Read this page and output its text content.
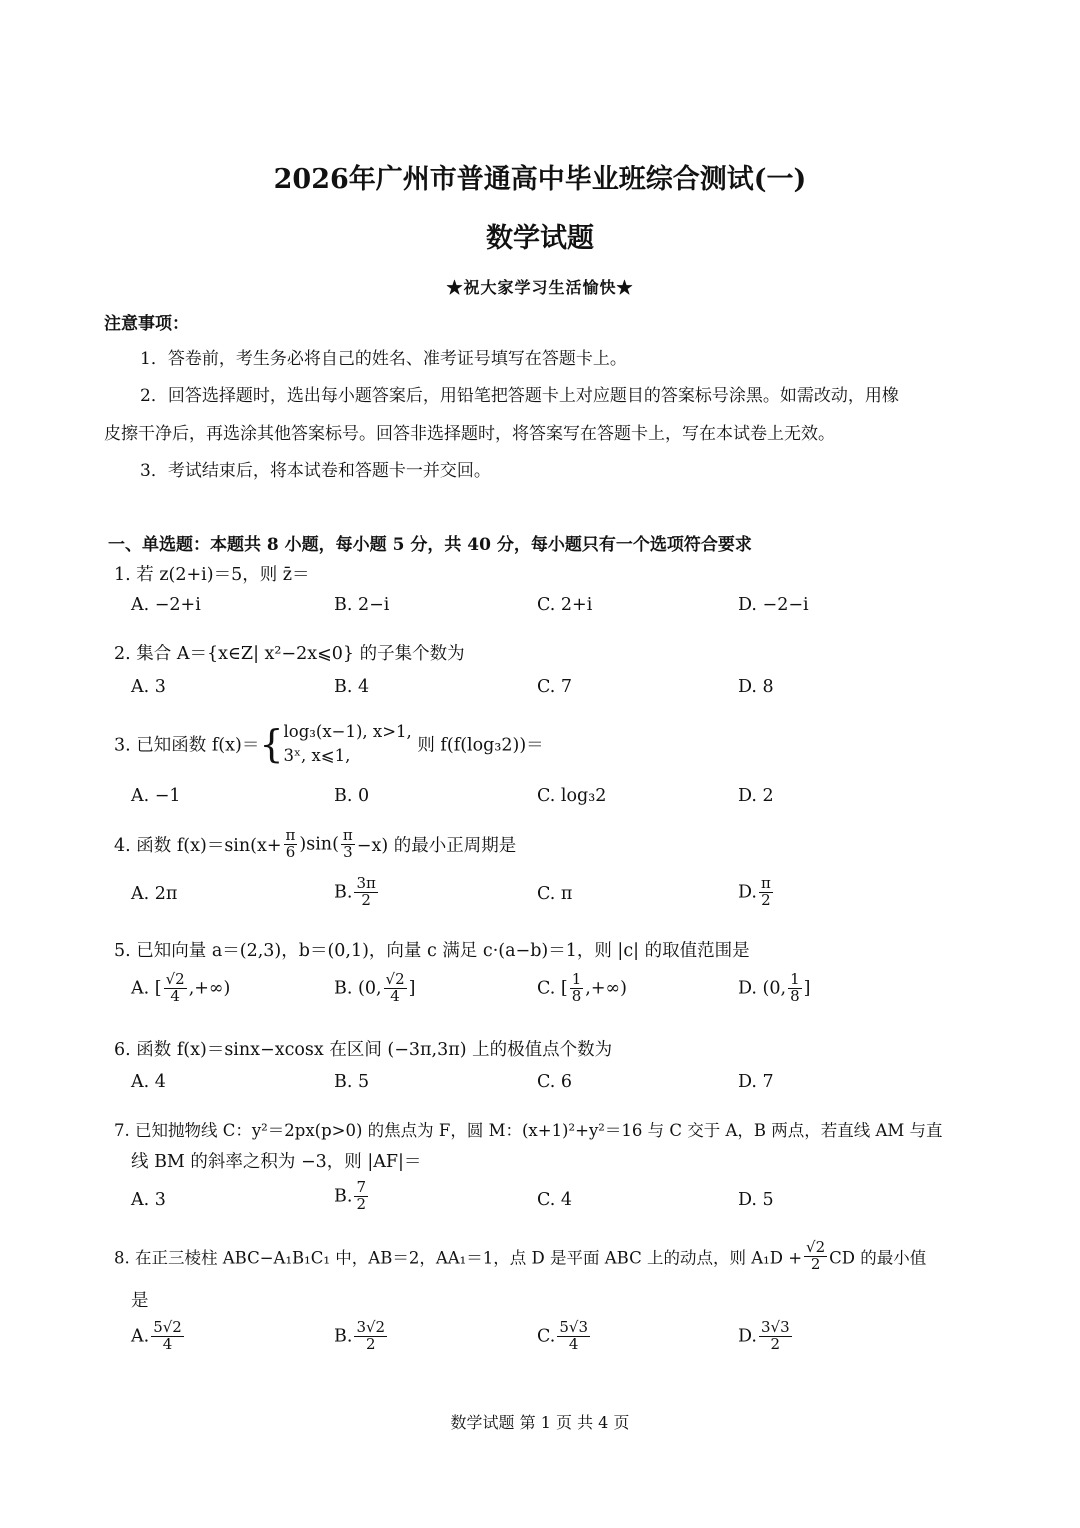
2026年广州市普通高中毕业班综合测试(一)
数学试题
★祝大家学习生活愉快★
注意事项：
1．答卷前，考生务必将自己的姓名、准考证号填写在答题卡上。
2．回答选择题时，选出每小题答案后，用铅笔把答题卡上对应题目的答案标号涂黑。如需改动，用橡
皮擦干净后，再选涂其他答案标号。回答非选择题时，将答案写在答题卡上，写在本试卷上无效。
3．考试结束后，将本试卷和答题卡一并交回。
一、单选题：本题共 8 小题，每小题 5 分，共 40 分，每小题只有一个选项符合要求
1. 若 z(2+i)＝5，则 z̄＝
A. −2+i	B. 2−i	C. 2+i	D. −2−i
2. 集合 A＝{x∈Z| x²−2x⩽0} 的子集个数为
A. 3	B. 4	C. 7	D. 8
3. 已知函数 f(x)＝{ log₃(x−1), x>1,
3ˣ, x⩽1,	则 f(f(log₃2))＝
A. −1	B. 0	C. log₃2	D. 2
4. 函数 $f(x)=\sin(x+ \frac{\pi}{6} )\sin( \frac{\pi}{3} -x)$ 的最小正周期是
A. 2π	B. $\frac{3\pi}{2}$	C. π	D. $\frac{\pi}{2}$
5. 已知向量 a＝(2,3)，b＝(0,1)，向量 c 满足 c·(a−b)＝1，则 |c| 的取值范围是
A. [ $\frac{√2}{4}$ ,+∞)	B. (0, $\frac{√2}{4}$ ]	C. [ $\frac{1}{8}$ ,+∞)	D. (0, $\frac{1}{8}$ ]
6. 函数 f(x)＝sinx−xcosx 在区间 (−3π,3π) 上的极值点个数为
A. 4	B. 5	C. 6	D. 7
7. 已知抛物线 C：y²＝2px(p>0) 的焦点为 F，圆 M：(x+1)²+y²＝16 与 C 交于 A，B 两点，若直线 AM 与直
线 BM 的斜率之积为 −3，则 |AF|＝
A. 3	B. $\frac{7}{2}$	C. 4	D. 5
8. 在正三棱柱 ABC−A₁B₁C₁ 中，AB＝2，AA₁＝1，点 D 是平面 ABC 上的动点，则 $A_1D + \frac{√2}{2}$ CD 的最小值
是
A. $\frac{5√2}{4}$	B. $\frac{3√2}{2}$	C. $\frac{5√3}{4}$	D. $\frac{3√3}{2}$
数学试题 第 1 页 共 4 页
